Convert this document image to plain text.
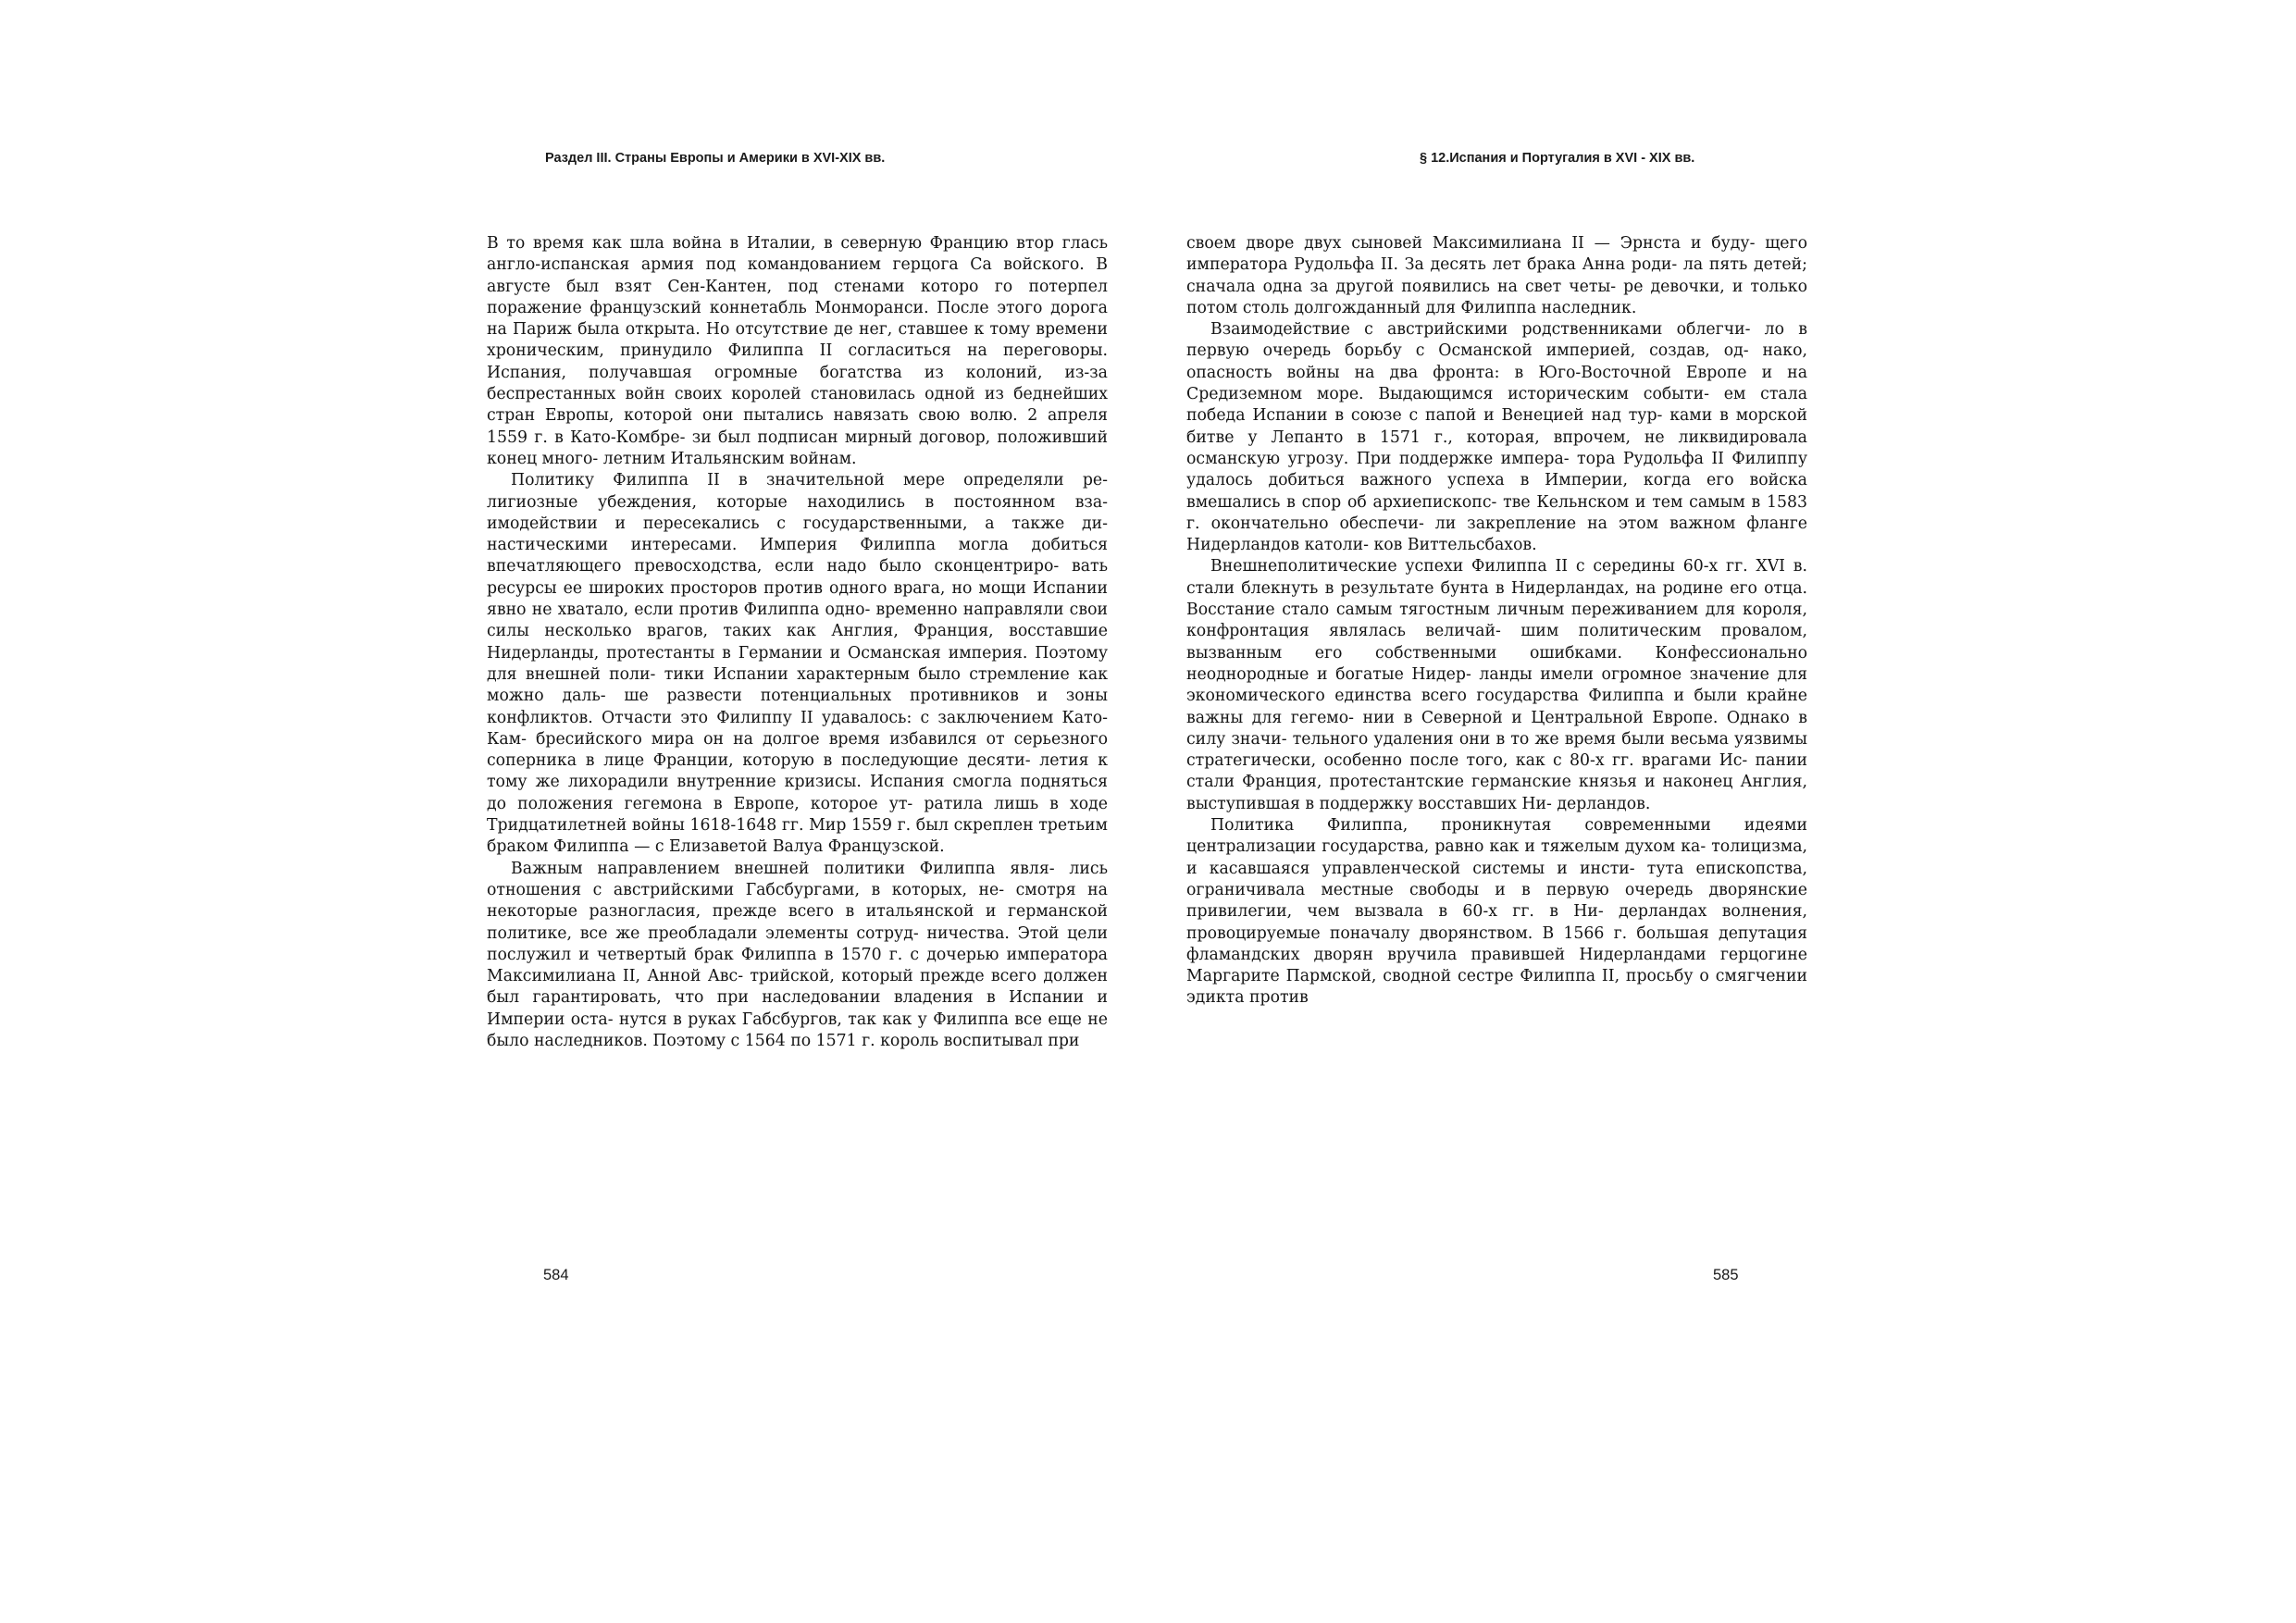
Раздел III. Страны Европы и Америки в XVI-XIX вв.	§ 12.Испания и Португалия в XVI - XIX вв.

В то время как шла война в Италии, в северную Францию втор глась англо-испанская армия под командованием герцога Са войского. В августе был взят Сен-Кантен, под стенами которо го потерпел поражение французский коннетабль Монморанси. После этого дорога на Париж была открыта. Но отсутствие де нег, ставшее к тому времени хроническим, принудило Филиппа II согласиться на переговоры. Испания, получавшая огромные богатства из колоний, из-за беспрестанных войн своих королей становилась одной из беднейших стран Европы, которой они пытались навязать свою волю. 2 апреля 1559 г. в Като-Комбре- зи был подписан мирный договор, положивший конец много- летним Итальянским войнам.

Политику Филиппа II в значительной мере определяли ре- лигиозные убеждения, которые находились в постоянном вза- имодействии и пересекались с государственными, а также ди- настическими интересами. Империя Филиппа могла добиться впечатляющего превосходства, если надо было сконцентриро- вать ресурсы ее широких просторов против одного врага, но мощи Испании явно не хватало, если против Филиппа одно- временно направляли свои силы несколько врагов, таких как Англия, Франция, восставшие Нидерланды, протестанты в Германии и Османская империя. Поэтому для внешней поли- тики Испании характерным было стремление как можно даль- ше развести потенциальных противников и зоны конфликтов. Отчасти это Филиппу II удавалось: с заключением Като-Кам- бресийского мира он на долгое время избавился от серьезного соперника в лице Франции, которую в последующие десяти- летия к тому же лихорадили внутренние кризисы. Испания смогла подняться до положения гегемона в Европе, которое ут- ратила лишь в ходе Тридцатилетней войны 1618-1648 гг. Мир 1559 г. был скреплен третьим браком Филиппа — с Елизаветой Валуа Французской.

Важным направлением внешней политики Филиппа явля- лись отношения с австрийскими Габсбургами, в которых, не- смотря на некоторые разногласия, прежде всего в итальянской и германской политике, все же преобладали элементы сотруд- ничества. Этой цели послужил и четвертый брак Филиппа в 1570 г. с дочерью императора Максимилиана II, Анной Авс- трийской, который прежде всего должен был гарантировать, что при наследовании владения в Испании и Империи оста- нутся в руках Габсбургов, так как у Филиппа все еще не было наследников. Поэтому с 1564 по 1571 г. король воспитывал при

своем дворе двух сыновей Максимилиана II — Эрнста и буду- щего императора Рудольфа II. За десять лет брака Анна роди- ла пять детей; сначала одна за другой появились на свет четы- ре девочки, и только потом столь долгожданный для Филиппа наследник.

Взаимодействие с австрийскими родственниками облегчи- ло в первую очередь борьбу с Османской империей, создав, од- нако, опасность войны на два фронта: в Юго-Восточной Европе и на Средиземном море. Выдающимся историческим событи- ем стала победа Испании в союзе с папой и Венецией над тур- ками в морской битве у Лепанто в 1571 г., которая, впрочем, не ликвидировала османскую угрозу. При поддержке импера- тора Рудольфа II Филиппу удалось добиться важного успеха в Империи, когда его войска вмешались в спор об архиепископс- тве Кельнском и тем самым в 1583 г. окончательно обеспечи- ли закрепление на этом важном фланге Нидерландов католи- ков Виттельсбахов.

Внешнеполитические успехи Филиппа II с середины 60-х гг. XVI в. стали блекнуть в результате бунта в Нидерландах, на родине его отца. Восстание стало самым тягостным личным переживанием для короля, конфронтация являлась величай- шим политическим провалом, вызванным его собственными ошибками. Конфессионально неоднородные и богатые Нидер- ланды имели огромное значение для экономического единства всего государства Филиппа и были крайне важны для гегемо- нии в Северной и Центральной Европе. Однако в силу значи- тельного удаления они в то же время были весьма уязвимы стратегически, особенно после того, как с 80-х гг. врагами Ис- пании стали Франция, протестантские германские князья и наконец Англия, выступившая в поддержку восставших Ни- дерландов.

Политика Филиппа, проникнутая современными идеями централизации государства, равно как и тяжелым духом ка- толицизма, и касавшаяся управленческой системы и инсти- тута епископства, ограничивала местные свободы и в первую очередь дворянские привилегии, чем вызвала в 60-х гг. в Ни- дерландах волнения, провоцируемые поначалу дворянством. В 1566 г. большая депутация фламандских дворян вручила правившей Нидерландами герцогине Маргарите Пармской, сводной сестре Филиппа II, просьбу о смягчении эдикта против

584	585
